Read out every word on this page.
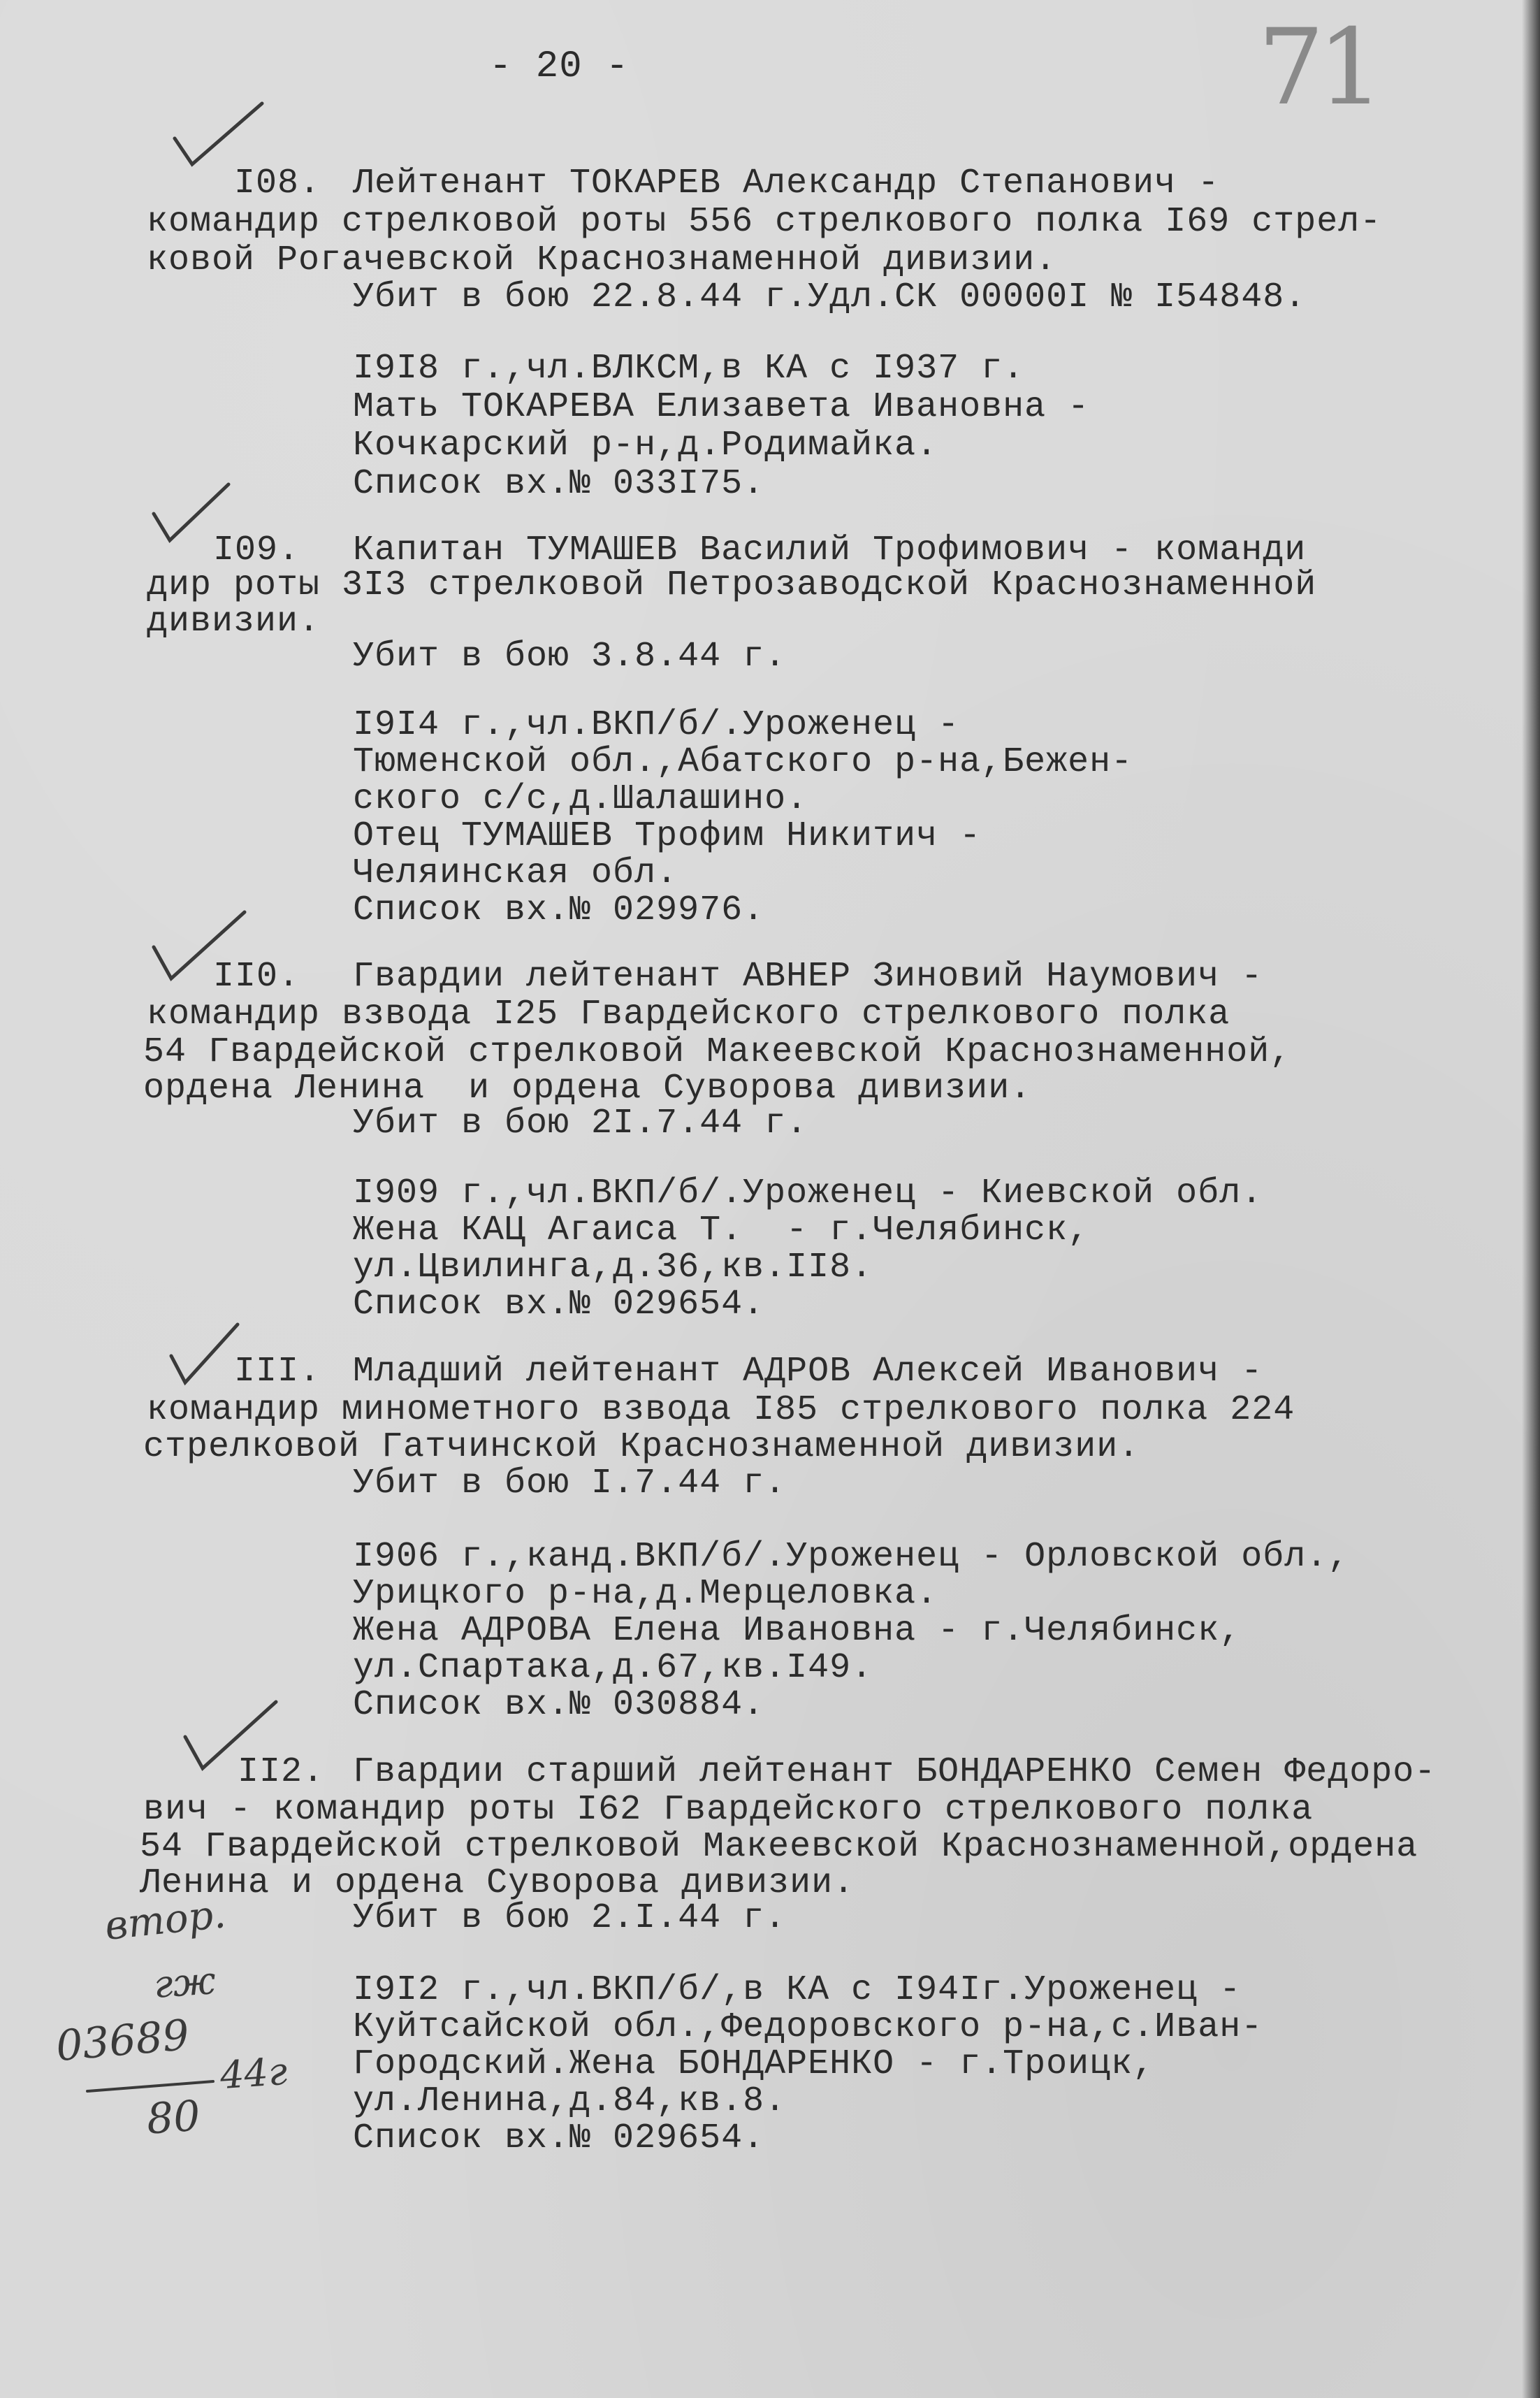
- 20 -	71

I08. Лейтенант ТОКАРЕВ Александр Степанович -

командир стрелковой роты 556 стрелкового полка I69 стрел-

ковой Рогачевской Краснознаменной дивизии.

Убит в бою 22.8.44 г.Удл.СК 00000I № I54848.

I9I8 г.,чл.ВЛКСМ,в КА с I937 г.

Мать ТОКАРЕВА Елизавета Ивановна -

Кочкарский р-н,д.Родимайка.

Список вх.№ 033I75.

I09. Капитан ТУМАШЕВ Василий Трофимович - команди

дир роты 3I3 стрелковой Петрозаводской Краснознаменной

дивизии.

Убит в бою 3.8.44 г.

I9I4 г.,чл.ВКП/б/.Уроженец -

Тюменской обл.,Абатского р-на,Бежен-

ского с/с,д.Шалашино.

Отец ТУМАШЕВ Трофим Никитич -

Челяинская обл.

Список вх.№ 029976.

II0. Гвардии лейтенант АВНЕР Зиновий Наумович -

командир взвода I25 Гвардейского стрелкового полка

54 Гвардейской стрелковой Макеевской Краснознаменной,

ордена Ленина  и ордена Суворова дивизии.

Убит в бою 2I.7.44 г.

I909 г.,чл.ВКП/б/.Уроженец - Киевской обл.

Жена КАЦ Агаиса Т.  - г.Челябинск,

ул.Цвилинга,д.36,кв.II8.

Список вх.№ 029654.

III. Младший лейтенант АДРОВ Алексей Иванович -

командир минометного взвода I85 стрелкового полка 224

стрелковой Гатчинской Краснознаменной дивизии.

Убит в бою I.7.44 г.

I906 г.,канд.ВКП/б/.Уроженец - Орловской обл.,

Урицкого р-на,д.Мерцеловка.

Жена АДРОВА Елена Ивановна - г.Челябинск,

ул.Спартака,д.67,кв.I49.

Список вх.№ 030884.

II2. Гвардии старший лейтенант БОНДАРЕНКО Семен Федоро-

вич - командир роты I62 Гвардейского стрелкового полка

54 Гвардейской стрелковой Макеевской Краснознаменной,ордена

Ленина и ордена Суворова дивизии.

Убит в бою 2.I.44 г.

I9I2 г.,чл.ВКП/б/,в КА с I94Iг.Уроженец -

Куйтсайской обл.,Федоровского р-на,с.Иван-

Городский.Жена БОНДАРЕНКО - г.Троицк,

ул.Ленина,д.84,кв.8.

Список вх.№ 029654.

втор.
гж
03689
44г
80
